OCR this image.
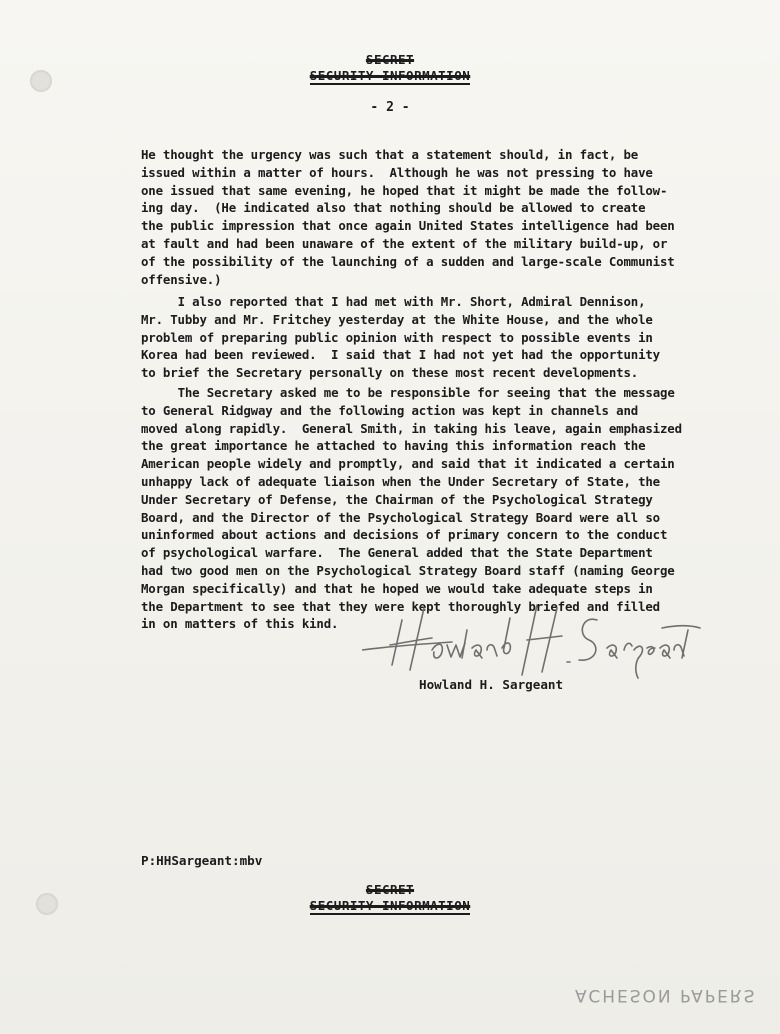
SECRET
SECURITY INFORMATION
- 2 -

He thought the urgency was such that a statement should, in fact, be
issued within a matter of hours.  Although he was not pressing to have
one issued that same evening, he hoped that it might be made the follow-
ing day.  (He indicated also that nothing should be allowed to create
the public impression that once again United States intelligence had been
at fault and had been unaware of the extent of the military build-up, or
of the possibility of the launching of a sudden and large-scale Communist
offensive.)

I also reported that I had met with Mr. Short, Admiral Dennison,
Mr. Tubby and Mr. Fritchey yesterday at the White House, and the whole
problem of preparing public opinion with respect to possible events in
Korea had been reviewed.  I said that I had not yet had the opportunity
to brief the Secretary personally on these most recent developments.

The Secretary asked me to be responsible for seeing that the message
to General Ridgway and the following action was kept in channels and
moved along rapidly.  General Smith, in taking his leave, again emphasized
the great importance he attached to having this information reach the
American people widely and promptly, and said that it indicated a certain
unhappy lack of adequate liaison when the Under Secretary of State, the
Under Secretary of Defense, the Chairman of the Psychological Strategy
Board, and the Director of the Psychological Strategy Board were all so
uninformed about actions and decisions of primary concern to the conduct
of psychological warfare.  The General added that the State Department
had two good men on the Psychological Strategy Board staff (naming George
Morgan specifically) and that he hoped we would take adequate steps in
the Department to see that they were kept thoroughly briefed and filled
in on matters of this kind.

Howland H. Sargeant
P:HHSargeant:mbv
SECRET
SECURITY INFORMATION
ACHESON PAPERS
